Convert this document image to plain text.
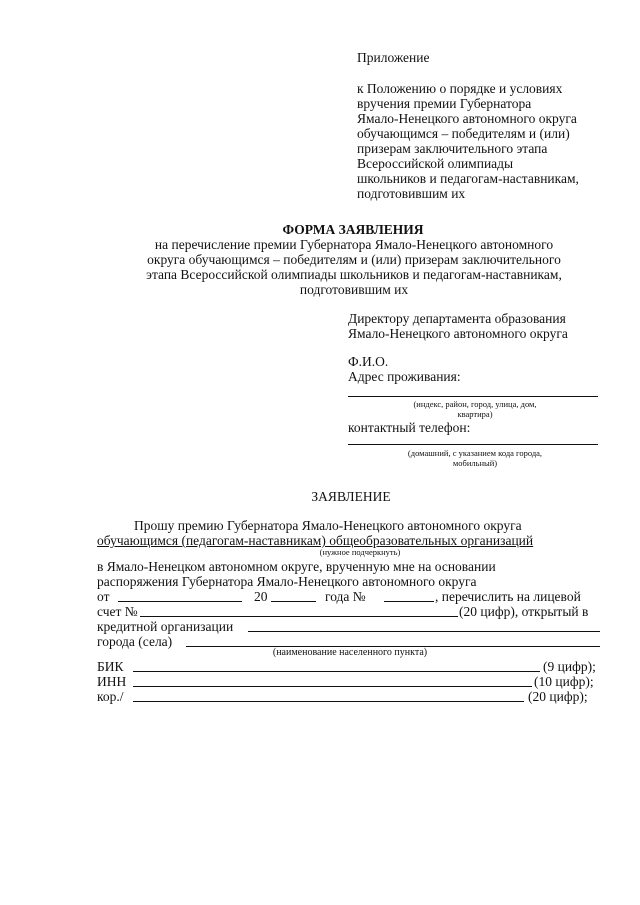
Приложение
к Положению о порядке и условиях
вручения премии Губернатора
Ямало-Ненецкого автономного округа
обучающимся – победителям и (или)
призерам заключительного этапа
Всероссийской олимпиады
школьников и педагогам-наставникам,
подготовившим их
ФОРМА ЗАЯВЛЕНИЯ
на перечисление премии Губернатора Ямало-Ненецкого автономного
округа обучающимся – победителям и (или) призерам заключительного
этапа Всероссийской олимпиады школьников и педагогам-наставникам,
подготовившим их
Директору департамента образования
Ямало-Ненецкого автономного округа
Ф.И.О.
Адрес проживания:
(индекс, район, город, улица, дом,
квартира)
контактный телефон:
(домашний, с указанием кода города,
мобильный)
ЗАЯВЛЕНИЕ
Прошу премию Губернатора Ямало-Ненецкого автономного округа
обучающимся (педагогам-наставникам) общеобразовательных организаций
(нужное подчеркнуть)
в Ямало-Ненецком автономном округе, врученную мне на основании
распоряжения Губернатора Ямало-Ненецкого автономного округа
от	20	года №	, перечислить на лицевой
счет №	(20 цифр), открытый в
кредитной организации
города (села)
(наименование населенного пункта)
БИК	(9 цифр);
ИНН	(10 цифр);
кор./	(20 цифр);
